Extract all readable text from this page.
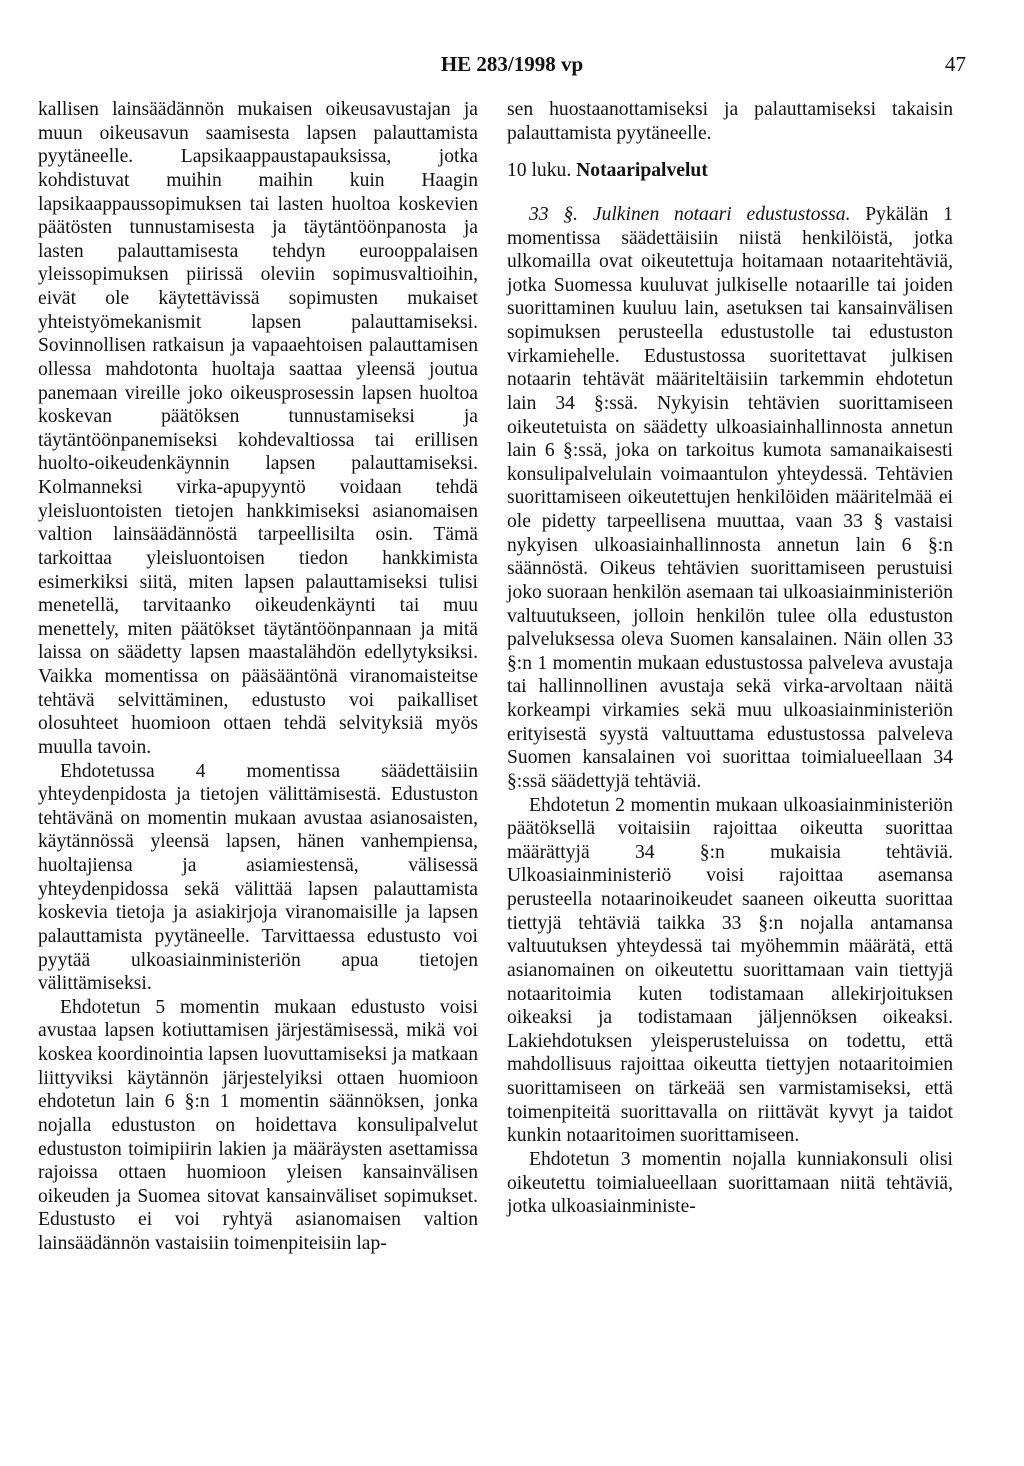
HE 283/1998 vp	47

kallisen lainsäädännön mukaisen oikeusavustajan ja muun oikeusavun saamisesta lapsen palauttamista pyytäneelle. Lapsikaappaustapauksissa, jotka kohdistuvat muihin maihin kuin Haagin lapsikaappaussopimuksen tai lasten huoltoa koskevien päätösten tunnustamisesta ja täytäntöönpanosta ja lasten palauttamisesta tehdyn eurooppalaisen yleissopimuksen piirissä oleviin sopimusvaltioihin, eivät ole käytettävissä sopimusten mukaiset yhteistyömekanismit lapsen palauttamiseksi. Sovinnollisen ratkaisun ja vapaaehtoisen palauttamisen ollessa mahdotonta huoltaja saattaa yleensä joutua panemaan vireille joko oikeusprosessin lapsen huoltoa koskevan päätöksen tunnustamiseksi ja täytäntöönpanemiseksi kohdevaltiossa tai erillisen huolto-oikeudenkäynnin lapsen palauttamiseksi. Kolmanneksi virka-apupyyntö voidaan tehdä yleisluontoisten tietojen hankkimiseksi asianomaisen valtion lainsäädännöstä tarpeellisilta osin. Tämä tarkoittaa yleisluontoisen tiedon hankkimista esimerkiksi siitä, miten lapsen palauttamiseksi tulisi menetellä, tarvitaanko oikeudenkäynti tai muu menettely, miten päätökset täytäntöönpannaan ja mitä laissa on säädetty lapsen maastalähdön edellytyksiksi. Vaikka momentissa on pääsääntönä viranomaisteitse tehtävä selvittäminen, edustusto voi paikalliset olosuhteet huomioon ottaen tehdä selvityksiä myös muulla tavoin.

Ehdotetussa 4 momentissa säädettäisiin yhteydenpidosta ja tietojen välittämisestä. Edustuston tehtävänä on momentin mukaan avustaa asianosaisten, käytännössä yleensä lapsen, hänen vanhempiensa, huoltajiensa ja asiamiestensä, välisessä yhteydenpidossa sekä välittää lapsen palauttamista koskevia tietoja ja asiakirjoja viranomaisille ja lapsen palauttamista pyytäneelle. Tarvittaessa edustusto voi pyytää ulkoasiainministeriön apua tietojen välittämiseksi.

Ehdotetun 5 momentin mukaan edustusto voisi avustaa lapsen kotiuttamisen järjestämisessä, mikä voi koskea koordinointia lapsen luovuttamiseksi ja matkaan liittyviksi käytännön järjestelyiksi ottaen huomioon ehdotetun lain 6 §:n 1 momentin säännöksen, jonka nojalla edustuston on hoidettava konsulipalvelut edustuston toimipiirin lakien ja määräysten asettamissa rajoissa ottaen huomioon yleisen kansainvälisen oikeuden ja Suomea sitovat kansainväliset sopimukset. Edustusto ei voi ryhtyä asianomaisen valtion lainsäädännön vastaisiin toimenpiteisiin lap-

sen huostaanottamiseksi ja palauttamiseksi takaisin palauttamista pyytäneelle.

10 luku. Notaaripalvelut

33 §. Julkinen notaari edustustossa. Pykälän 1 momentissa säädettäisiin niistä henkilöistä, jotka ulkomailla ovat oikeutettuja hoitamaan notaaritehtäviä, jotka Suomessa kuuluvat julkiselle notaarille tai joiden suorittaminen kuuluu lain, asetuksen tai kansainvälisen sopimuksen perusteella edustustolle tai edustuston virkamiehelle. Edustustossa suoritettavat julkisen notaarin tehtävät määriteltäisiin tarkemmin ehdotetun lain 34 §:ssä. Nykyisin tehtävien suorittamiseen oikeutetuista on säädetty ulkoasiainhallinnosta annetun lain 6 §:ssä, joka on tarkoitus kumota samanaikaisesti konsulipalvelulain voimaantulon yhteydessä. Tehtävien suorittamiseen oikeutettujen henkilöiden määritelmää ei ole pidetty tarpeellisena muuttaa, vaan 33 § vastaisi nykyisen ulkoasiainhallinnosta annetun lain 6 §:n säännöstä. Oikeus tehtävien suorittamiseen perustuisi joko suoraan henkilön asemaan tai ulkoasiainministeriön valtuutukseen, jolloin henkilön tulee olla edustuston palveluksessa oleva Suomen kansalainen. Näin ollen 33 §:n 1 momentin mukaan edustustossa palveleva avustaja tai hallinnollinen avustaja sekä virka-arvoltaan näitä korkeampi virkamies sekä muu ulkoasiainministeriön erityisestä syystä valtuuttama edustustossa palveleva Suomen kansalainen voi suorittaa toimialueellaan 34 §:ssä säädettyjä tehtäviä.

Ehdotetun 2 momentin mukaan ulkoasiainministeriön päätöksellä voitaisiin rajoittaa oikeutta suorittaa määrättyjä 34 §:n mukaisia tehtäviä. Ulkoasiainministeriö voisi rajoittaa asemansa perusteella notaarinoikeudet saaneen oikeutta suorittaa tiettyjä tehtäviä taikka 33 §:n nojalla antamansa valtuutuksen yhteydessä tai myöhemmin määrätä, että asianomainen on oikeutettu suorittamaan vain tiettyjä notaaritoimia kuten todistamaan allekirjoituksen oikeaksi ja todistamaan jäljennöksen oikeaksi. Lakiehdotuksen yleisperusteluissa on todettu, että mahdollisuus rajoittaa oikeutta tiettyjen notaaritoimien suorittamiseen on tärkeää sen varmistamiseksi, että toimenpiteitä suorittavalla on riittävät kyvyt ja taidot kunkin notaaritoimen suorittamiseen.

Ehdotetun 3 momentin nojalla kunniakonsuli olisi oikeutettu toimialueellaan suorittamaan niitä tehtäviä, jotka ulkoasiainministe-
